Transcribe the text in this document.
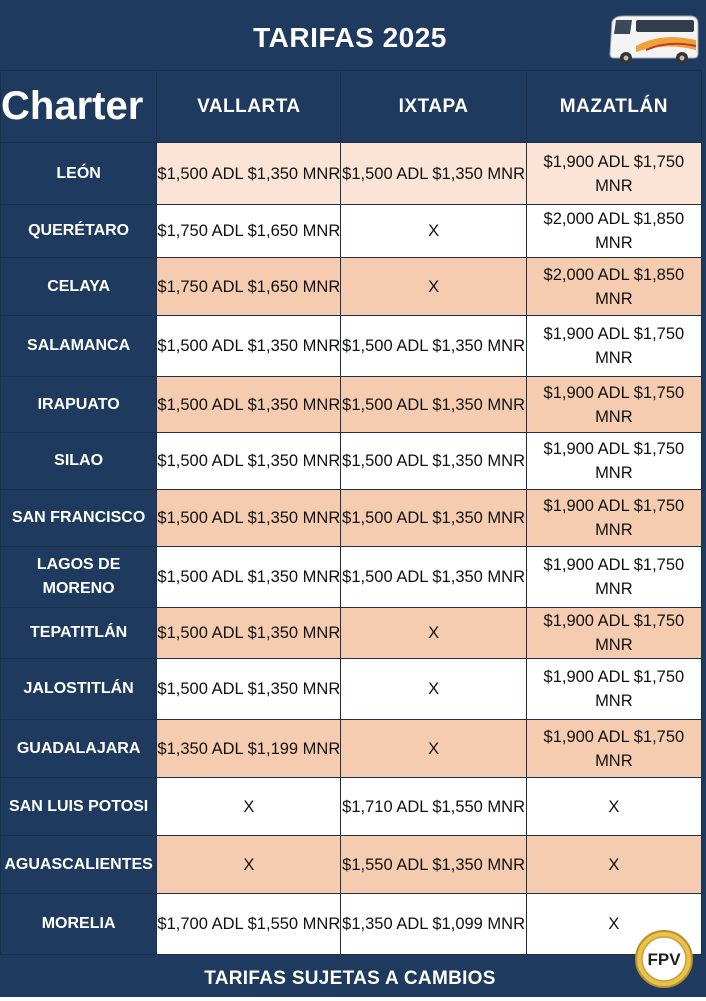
TARIFAS 2025
Charter	VALLARTA	IXTAPA	MAZATLÁN
LEÓN	$1,500 ADL $1,350 MNR	$1,500 ADL $1,350 MNR	$1,900 ADL $1,750 MNR
QUERÉTARO	$1,750 ADL $1,650 MNR	X	$2,000 ADL $1,850 MNR
CELAYA	$1,750 ADL $1,650 MNR	X	$2,000 ADL $1,850 MNR
SALAMANCA	$1,500 ADL $1,350 MNR	$1,500 ADL $1,350 MNR	$1,900 ADL $1,750 MNR
IRAPUATO	$1,500 ADL $1,350 MNR	$1,500 ADL $1,350 MNR	$1,900 ADL $1,750 MNR
SILAO	$1,500 ADL $1,350 MNR	$1,500 ADL $1,350 MNR	$1,900 ADL $1,750 MNR
SAN FRANCISCO	$1,500 ADL $1,350 MNR	$1,500 ADL $1,350 MNR	$1,900 ADL $1,750 MNR
LAGOS DE MORENO	$1,500 ADL $1,350 MNR	$1,500 ADL $1,350 MNR	$1,900 ADL $1,750 MNR
TEPATITLÁN	$1,500 ADL $1,350 MNR	X	$1,900 ADL $1,750 MNR
JALOSTITLÁN	$1,500 ADL $1,350 MNR	X	$1,900 ADL $1,750 MNR
GUADALAJARA	$1,350 ADL $1,199 MNR	X	$1,900 ADL $1,750 MNR
SAN LUIS POTOSI	X	$1,710 ADL $1,550 MNR	X
AGUASCALIENTES	X	$1,550 ADL $1,350 MNR	X
MORELIA	$1,700 ADL $1,550 MNR	$1,350 ADL $1,099 MNR	X
TARIFAS SUJETAS A CAMBIOS
FPV
